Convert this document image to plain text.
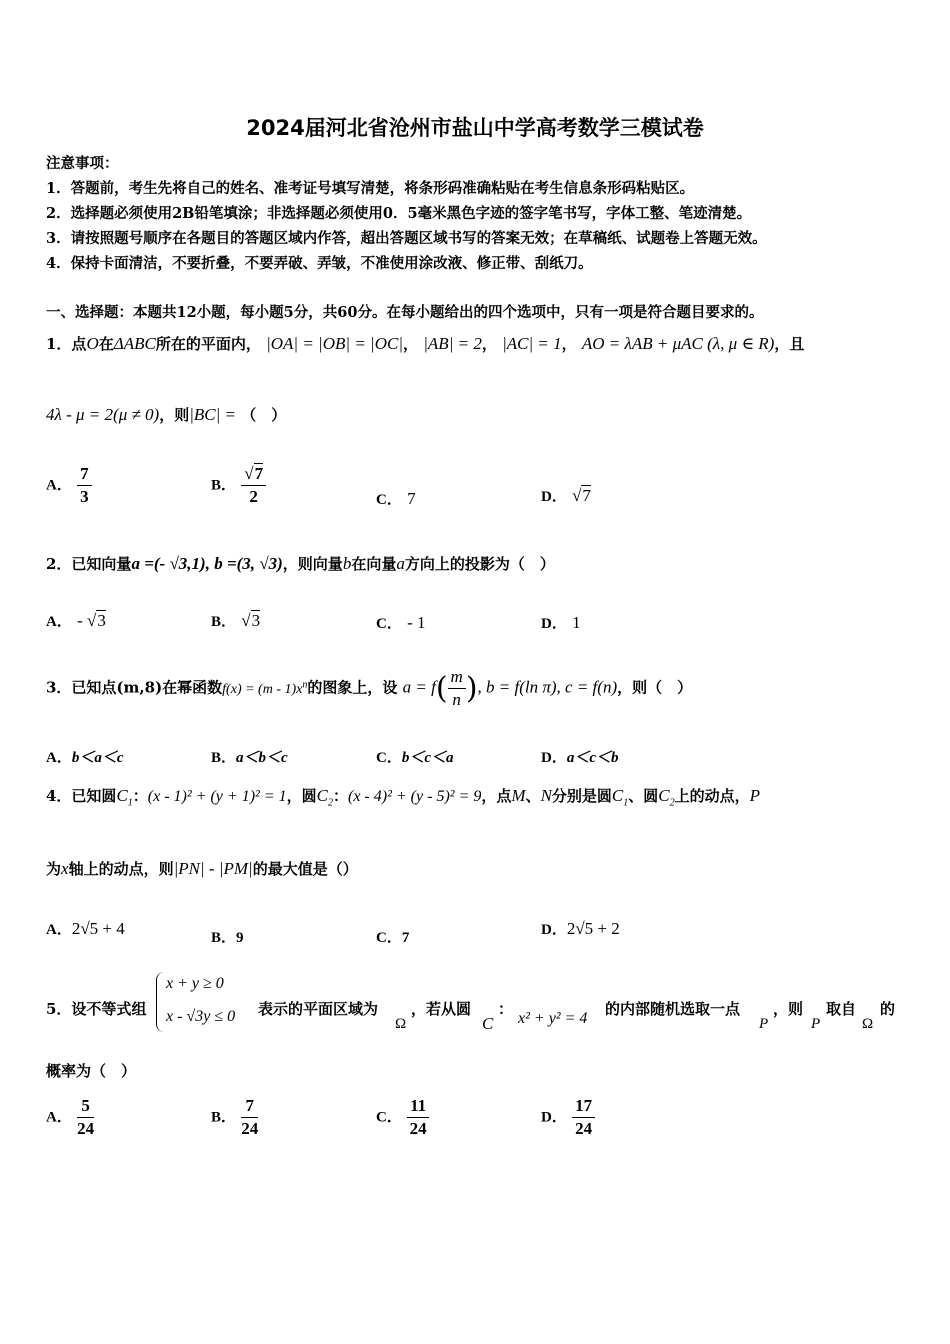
2024届河北省沧州市盐山中学高考数学三模试卷
注意事项：
1．答题前，考生先将自己的姓名、准考证号填写清楚，将条形码准确粘贴在考生信息条形码粘贴区。
2．选择题必须使用2B铅笔填涂；非选择题必须使用0．5毫米黑色字迹的签字笔书写，字体工整、笔迹清楚。
3．请按照题号顺序在各题目的答题区域内作答，超出答题区域书写的答案无效；在草稿纸、试题卷上答题无效。
4．保持卡面清洁，不要折叠，不要弄破、弄皱，不准使用涂改液、修正带、刮纸刀。
一、选择题：本题共12小题，每小题5分，共60分。在每小题给出的四个选项中，只有一项是符合题目要求的。
1．点O在ΔABC所在的平面内， |OA| = |OB| = |OC|， |AB| = 2， |AC| = 1， AO = λAB + μAC (λ, μ ∈ R)，且
4λ - μ = 2(μ ≠ 0)，则|BC| = （　）
A． $\frac{7}{3}$	B． $\frac{√7}{2}$	C． 7	D． √7
2．已知向量a =(- √3,1), b =(3, √3)，则向量b在向量a方向上的投影为（　）
A． - √3	B． √3	C． - 1	D． 1
3．已知点(m,8)在幂函数$f(x) = (m - 1)x^n$的图象上，设 $a = f( \frac{m}{n}$ ), b = f(ln π), c = f(n)，则（　）
A．b＜a＜c	B．a＜b＜c	C．b＜c＜a	D．a＜c＜b
4．已知圆$C_1$：(x - 1)² + (y + 1)² = 1，圆$C_2$：(x - 4)² + (y - 5)² = 9，点M、N分别是圆$C_1$、圆$C_2$上的动点，P
为x轴上的动点，则|PN| - |PM|的最大值是（）
A．2√5 + 4	B．9	C．7	D．2√5 + 2
5．设不等式组
x + y ≥ 0
x - √3y ≤ 0 表示的平面区域为
Ω
，若从圆
C
：
x² + y² = 4
的内部随机选取一点
P
，则
P
取自
Ω
的
概率为（　）
A． $\frac{5}{24}$	B． $\frac{7}{24}$	C． $\frac{11}{24}$	D． $\frac{17}{24}$
